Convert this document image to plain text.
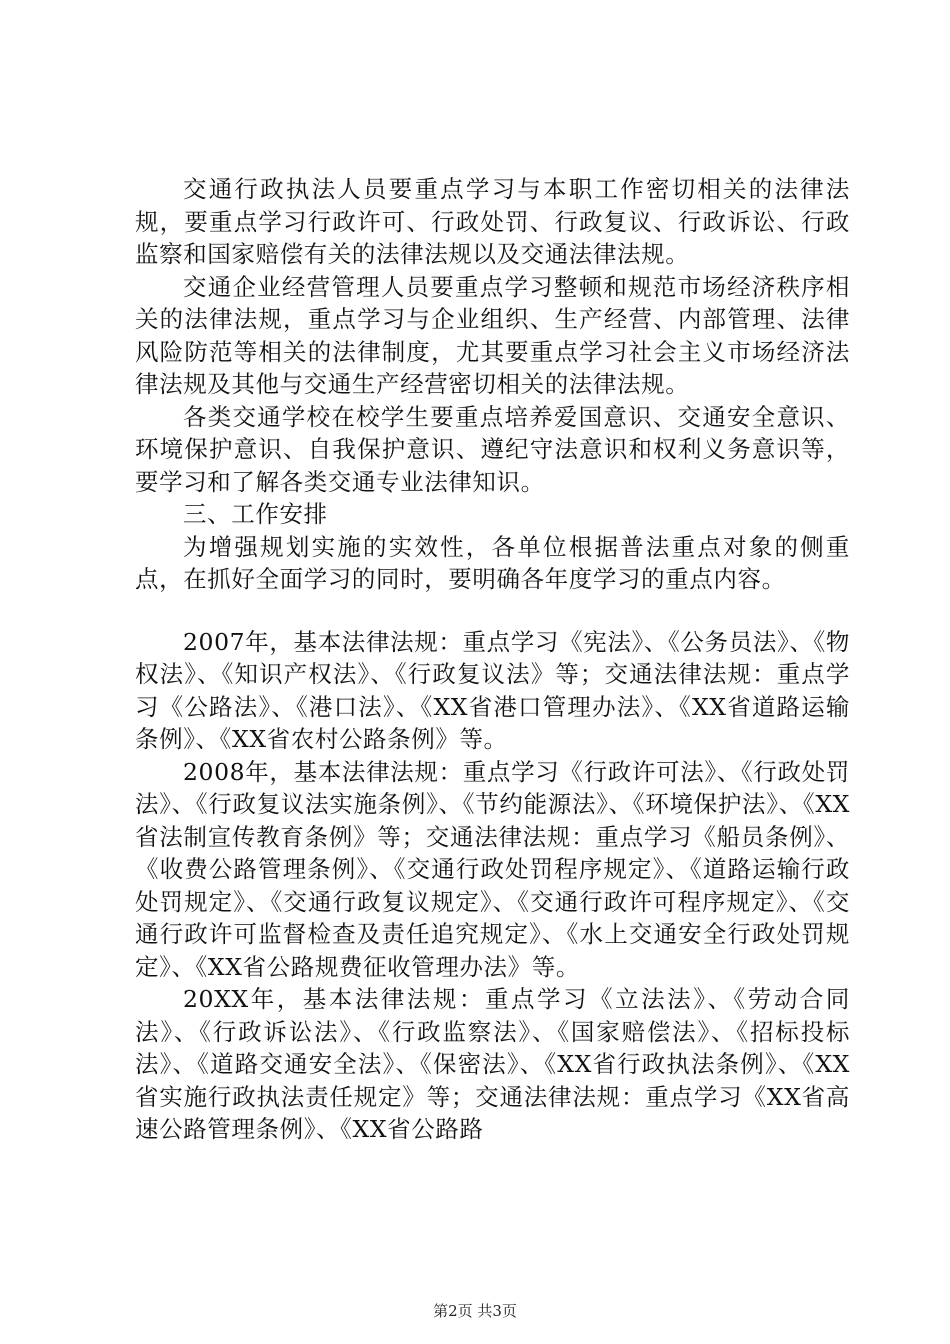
交通行政执法人员要重点学习与本职工作密切相关的法律法规，要重点学习行政许可、行政处罚、行政复议、行政诉讼、行政监察和国家赔偿有关的法律法规以及交通法律法规。

交通企业经营管理人员要重点学习整顿和规范市场经济秩序相关的法律法规，重点学习与企业组织、生产经营、内部管理、法律风险防范等相关的法律制度，尤其要重点学习社会主义市场经济法律法规及其他与交通生产经营密切相关的法律法规。

各类交通学校在校学生要重点培养爱国意识、交通安全意识、环境保护意识、自我保护意识、遵纪守法意识和权利义务意识等，要学习和了解各类交通专业法律知识。

三、工作安排

为增强规划实施的实效性，各单位根据普法重点对象的侧重点，在抓好全面学习的同时，要明确各年度学习的重点内容。

2007年，基本法律法规：重点学习《宪法》、《公务员法》、《物权法》、《知识产权法》、《行政复议法》等；交通法律法规：重点学习《公路法》、《港口法》、《XX省港口管理办法》、《XX省道路运输条例》、《XX省农村公路条例》等。

2008年，基本法律法规：重点学习《行政许可法》、《行政处罚法》、《行政复议法实施条例》、《节约能源法》、《环境保护法》、《XX省法制宣传教育条例》等；交通法律法规：重点学习《船员条例》、《收费公路管理条例》、《交通行政处罚程序规定》、《道路运输行政处罚规定》、《交通行政复议规定》、《交通行政许可程序规定》、《交通行政许可监督检查及责任追究规定》、《水上交通安全行政处罚规定》、《XX省公路规费征收管理办法》等。

20XX年，基本法律法规：重点学习《立法法》、《劳动合同法》、《行政诉讼法》、《行政监察法》、《国家赔偿法》、《招标投标法》、《道路交通安全法》、《保密法》、《XX省行政执法条例》、《XX省实施行政执法责任规定》等；交通法律法规：重点学习《XX省高速公路管理条例》、《XX省公路路

第2页 共3页
